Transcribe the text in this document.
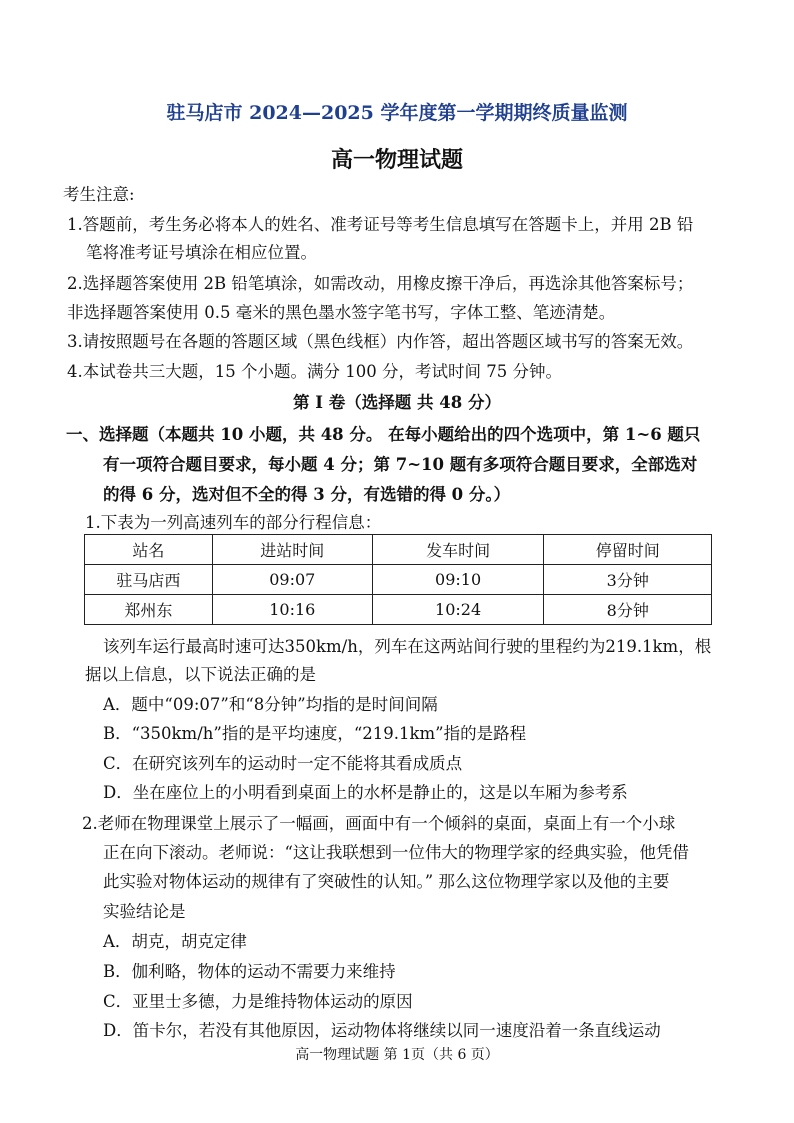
驻马店市 2024—2025 学年度第一学期期终质量监测
高一物理试题
考生注意:
1.答题前，考生务必将本人的姓名、准考证号等考生信息填写在答题卡上，并用 2B 铅
笔将准考证号填涂在相应位置。
2.选择题答案使用 2B 铅笔填涂，如需改动，用橡皮擦干净后，再选涂其他答案标号；
非选择题答案使用 0.5 毫米的黑色墨水签字笔书写，字体工整、笔迹清楚。
3.请按照题号在各题的答题区域（黑色线框）内作答，超出答题区域书写的答案无效。
4.本试卷共三大题，15 个小题。满分 100 分，考试时间 75 分钟。
第 I 卷（选择题 共 48 分）
一、选择题（本题共 10 小题，共 48 分。 在每小题给出的四个选项中，第 1~6 题只
有一项符合题目要求，每小题 4 分；第 7~10 题有多项符合题目要求，全部选对
的得 6 分，选对但不全的得 3 分，有选错的得 0 分。）
1.下表为一列高速列车的部分行程信息：
站名	进站时间	发车时间	停留时间
驻马店西	09:07	09:10	3分钟
郑州东	10:16	10:24	8分钟
该列车运行最高时速可达350km/h，列车在这两站间行驶的里程约为219.1km，根
据以上信息，以下说法正确的是
A．题中“09:07”和“8分钟”均指的是时间间隔
B．“350km/h”指的是平均速度，“219.1km”指的是路程
C．在研究该列车的运动时一定不能将其看成质点
D．坐在座位上的小明看到桌面上的水杯是静止的，这是以车厢为参考系
2.老师在物理课堂上展示了一幅画，画面中有一个倾斜的桌面，桌面上有一个小球
正在向下滚动。老师说：“这让我联想到一位伟大的物理学家的经典实验，他凭借
此实验对物体运动的规律有了突破性的认知。” 那么这位物理学家以及他的主要
实验结论是
A．胡克，胡克定律
B．伽利略，物体的运动不需要力来维持
C．亚里士多德，力是维持物体运动的原因
D．笛卡尔，若没有其他原因，运动物体将继续以同一速度沿着一条直线运动
高一物理试题 第 1页（共 6 页）
